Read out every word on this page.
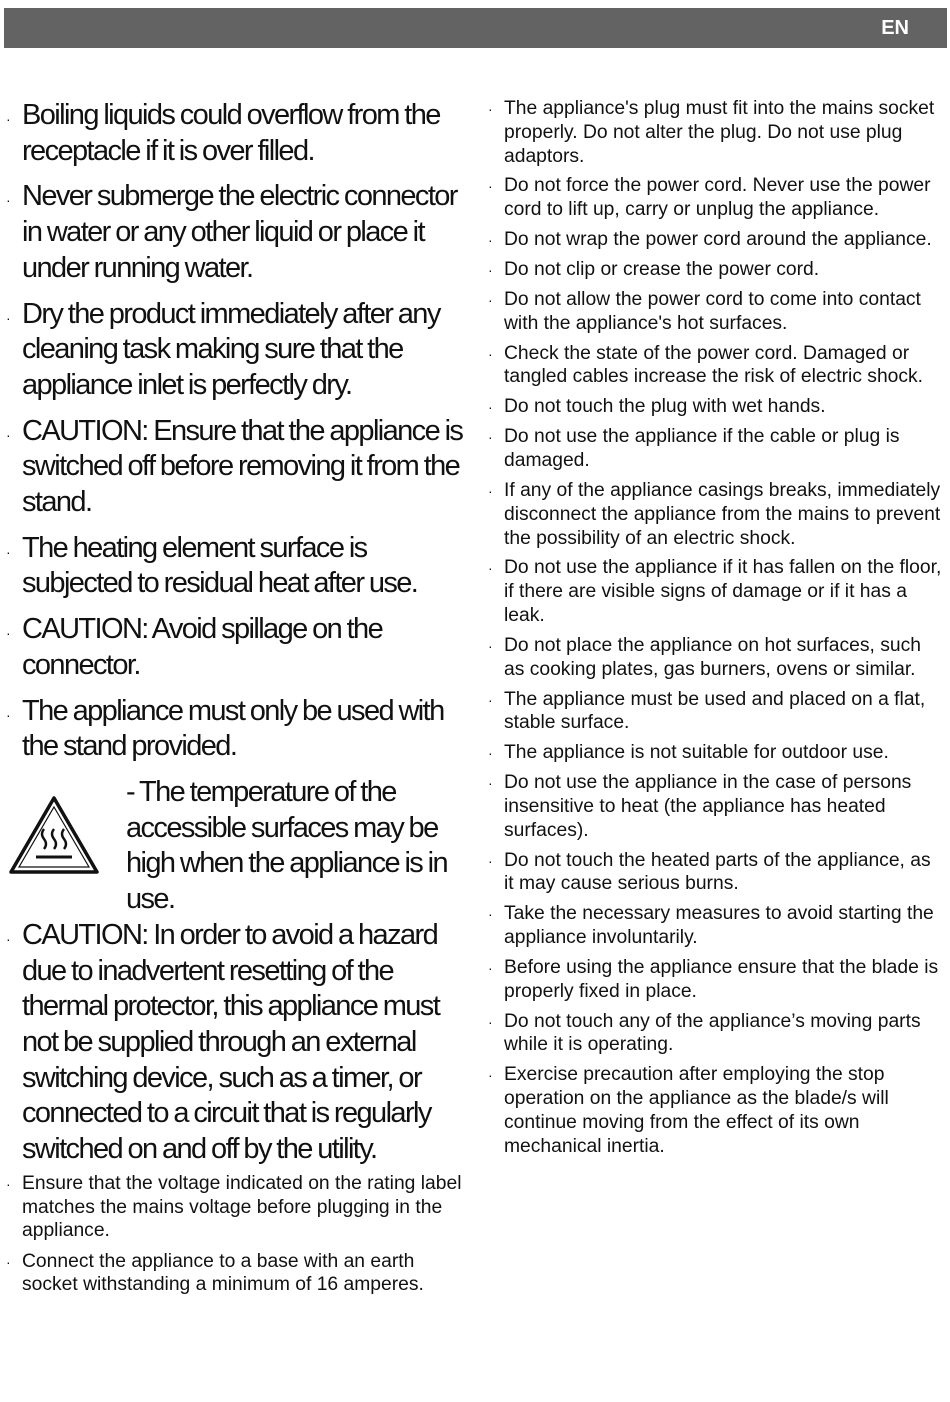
EN
· Boiling liquids could overflow from the receptacle if it is over filled.
· Never submerge the electric connector in water or any other liquid or place it under running water.
· Dry the product immediately after any cleaning task making sure that the appliance inlet is perfectly dry.
· CAUTION: Ensure that the appliance is switched off before removing it from the stand.
· The heating element surface is subjected to residual heat after use.
· CAUTION: Avoid spillage on the connector.
· The appliance must only be used with the stand provided.
- The temperature of the accessible surfaces may be high when the appliance is in use.
· CAUTION: In order to avoid a hazard due to inadvertent resetting of the thermal protector, this appliance must not be supplied through an external switching device, such as a timer, or connected to a circuit that is regularly switched on and off by the utility.
· Ensure that the voltage indicated on the rating label matches the mains voltage before plugging in the appliance.
· Connect the appliance to a base with an earth socket withstanding a minimum of 16 amperes.
· The appliance's plug must fit into the mains socket properly. Do not alter the plug. Do not use plug adaptors.
· Do not force the power cord. Never use the power cord to lift up, carry or unplug the appliance.
· Do not wrap the power cord around the appliance.
· Do not clip or crease the power cord.
· Do not allow the power cord to come into contact with the appliance's hot surfaces.
· Check the state of the power cord. Damaged or tangled cables increase the risk of electric shock.
· Do not touch the plug with wet hands.
· Do not use the appliance if the cable or plug is damaged.
· If any of the appliance casings breaks, immediately disconnect the appliance from the mains to prevent the possibility of an electric shock.
· Do not use the appliance if it has fallen on the floor, if there are visible signs of damage or if it has a leak.
· Do not place the appliance on hot surfaces, such as cooking plates, gas burners, ovens or similar.
· The appliance must be used and placed on a flat, stable surface.
· The appliance is not suitable for outdoor use.
· Do not use the appliance in the case of persons insensitive to heat (the appliance has heated surfaces).
· Do not touch the heated parts of the appliance, as it may cause serious burns.
· Take the necessary measures to avoid starting the appliance involuntarily.
· Before using the appliance ensure that the blade is properly fixed in place.
· Do not touch any of the appliance’s moving parts while it is operating.
· Exercise precaution after employing the stop operation on the appliance as the blade/s will continue moving from the effect of its own mechanical inertia.
